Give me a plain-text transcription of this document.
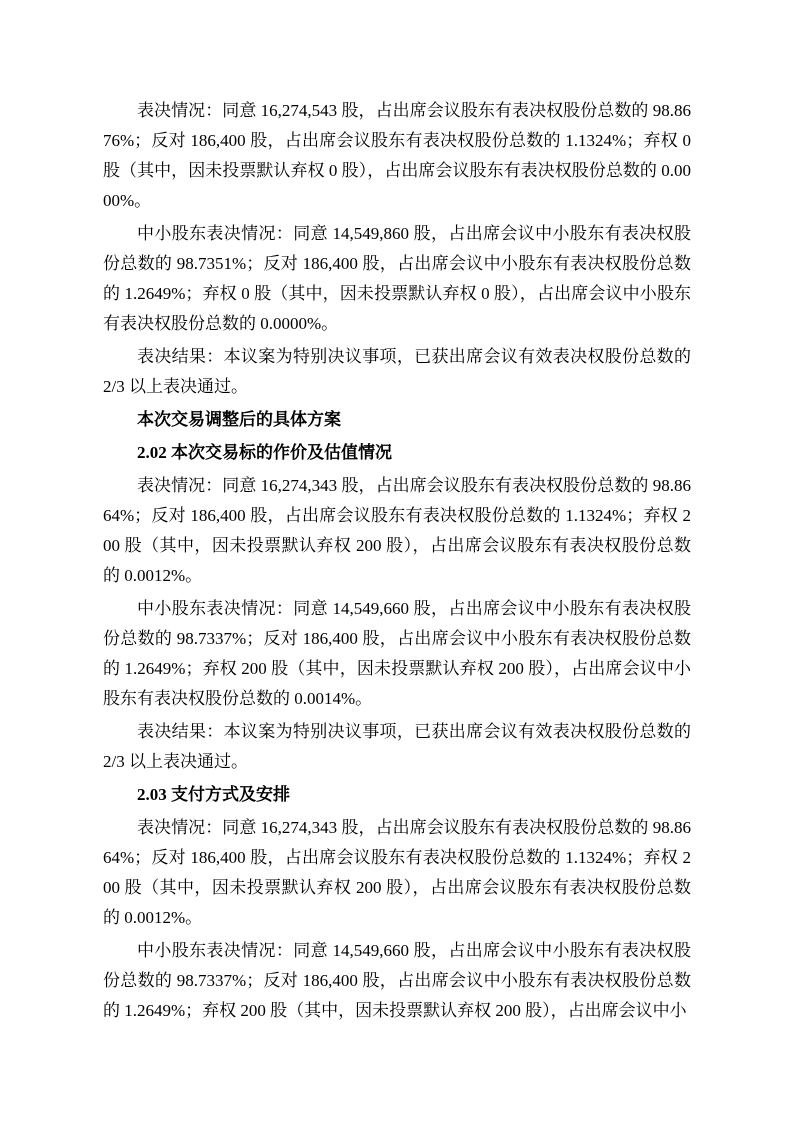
表决情况：同意 16,274,543 股，占出席会议股东有表决权股份总数的 98.8676%；反对 186,400 股，占出席会议股东有表决权股份总数的 1.1324%；弃权 0 股（其中，因未投票默认弃权 0 股），占出席会议股东有表决权股份总数的 0.0000%。

中小股东表决情况：同意 14,549,860 股，占出席会议中小股东有表决权股份总数的 98.7351%；反对 186,400 股，占出席会议中小股东有表决权股份总数的 1.2649%；弃权 0 股（其中，因未投票默认弃权 0 股），占出席会议中小股东有表决权股份总数的 0.0000%。

表决结果：本议案为特别决议事项，已获出席会议有效表决权股份总数的 2/3 以上表决通过。

本次交易调整后的具体方案

2.02 本次交易标的作价及估值情况

表决情况：同意 16,274,343 股，占出席会议股东有表决权股份总数的 98.8664%；反对 186,400 股，占出席会议股东有表决权股份总数的 1.1324%；弃权 200 股（其中，因未投票默认弃权 200 股），占出席会议股东有表决权股份总数的 0.0012%。

中小股东表决情况：同意 14,549,660 股，占出席会议中小股东有表决权股份总数的 98.7337%；反对 186,400 股，占出席会议中小股东有表决权股份总数的 1.2649%；弃权 200 股（其中，因未投票默认弃权 200 股），占出席会议中小股东有表决权股份总数的 0.0014%。

表决结果：本议案为特别决议事项，已获出席会议有效表决权股份总数的 2/3 以上表决通过。

2.03 支付方式及安排

表决情况：同意 16,274,343 股，占出席会议股东有表决权股份总数的 98.8664%；反对 186,400 股，占出席会议股东有表决权股份总数的 1.1324%；弃权 200 股（其中，因未投票默认弃权 200 股），占出席会议股东有表决权股份总数的 0.0012%。

中小股东表决情况：同意 14,549,660 股，占出席会议中小股东有表决权股份总数的 98.7337%；反对 186,400 股，占出席会议中小股东有表决权股份总数的 1.2649%；弃权 200 股（其中，因未投票默认弃权 200 股），占出席会议中小
